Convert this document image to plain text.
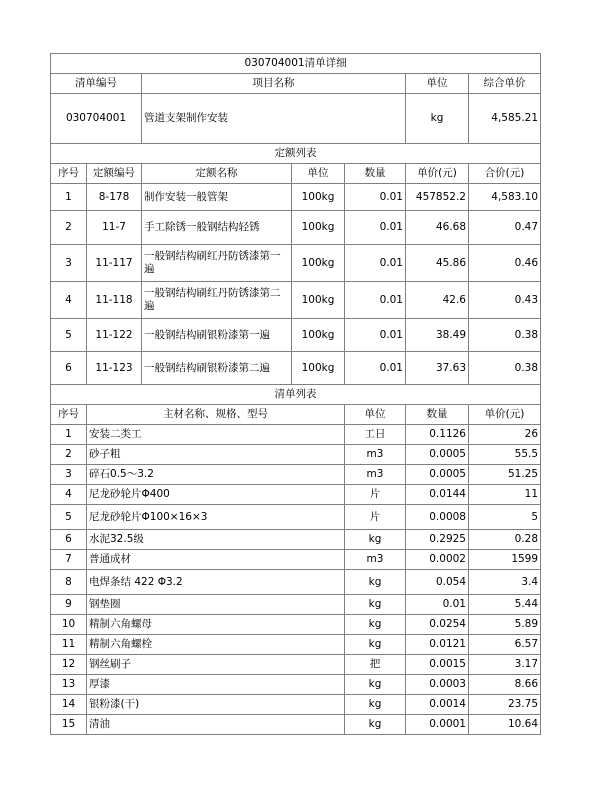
030704001清单详细							
清单编号		项目名称			单位	综合单价	
030704001		管道支架制作安装			kg	4,585.21	
定额列表							
序号	定额编号	定额名称	单位	数量	单价(元)	合价(元)	
1	8-178	制作安装一般管架	100kg	0.01	457852.2	4,583.10	
2	11-7	手工除锈一般钢结构轻锈	100kg	0.01	46.68	0.47	
3	11-117	一般钢结构刷红丹防锈漆第一遍	100kg	0.01	45.86	0.46	
4	11-118	一般钢结构刷红丹防锈漆第二遍	100kg	0.01	42.6	0.43	
5	11-122	一般钢结构刷银粉漆第一遍	100kg	0.01	38.49	0.38	
6	11-123	一般钢结构刷银粉漆第二遍	100kg	0.01	37.63	0.38	
清单列表							
序号	主材名称、规格、型号			单位	数量	单价(元)	
1	安装二类工			工日	0.1126	26	
2	砂子粗			m3	0.0005	55.5	
3	碎石0.5～3.2			m3	0.0005	51.25	
4	尼龙砂轮片Φ400			片	0.0144	11	
5	尼龙砂轮片Φ100×16×3			片	0.0008	5	
6	水泥32.5级			kg	0.2925	0.28	
7	普通成材			m3	0.0002	1599	
8	电焊条结 422 Φ3.2			kg	0.054	3.4	
9	钢垫圈			kg	0.01	5.44	
10	精制六角螺母			kg	0.0254	5.89	
11	精制六角螺栓			kg	0.0121	6.57	
12	钢丝刷子			把	0.0015	3.17	
13	厚漆			kg	0.0003	8.66	
14	银粉漆(干)			kg	0.0014	23.75	
15	清油			kg	0.0001	10.64	
